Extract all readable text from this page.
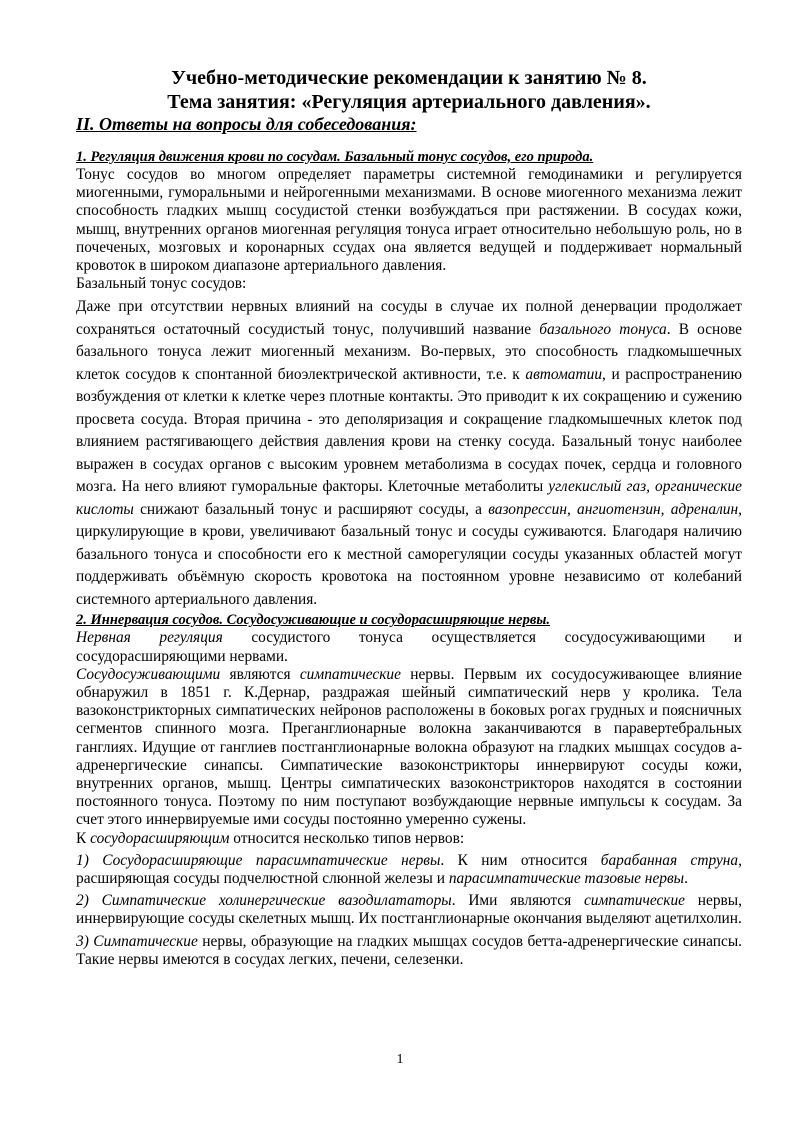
Учебно-методические рекомендации к занятию № 8.
Тема занятия: «Регуляция артериального давления».
II. Ответы на вопросы для собеседования:
1. Регуляция движения крови по сосудам. Базальный тонус сосудов, его природа.

Тонус сосудов во многом определяет параметры системной гемодинамики и регулируется миогенными, гуморальными и нейрогенными механизмами. В основе миогенного механизма лежит способность гладких мышц сосудистой стенки возбуждаться при растяжении. В сосудах кожи, мышц, внутренних органов миогенная регуляция тонуса играет относительно небольшую роль, но в почеченых, мозговых и коронарных ссудах она является ведущей и поддерживает нормальный кровоток в широком диапазоне артериального давления.

Базальный тонус сосудов:

Даже при отсутствии нервных влияний на сосуды в случае их полной денервации продолжает сохраняться остаточный сосудистый тонус, получивший название базального тонуса. В основе базального тонуса лежит миогенный механизм. Во-первых, это способность гладкомышечных клеток сосудов к спонтанной биоэлектрической активности, т.е. к автоматии, и распространению возбуждения от клетки к клетке через плотные контакты. Это приводит к их сокращению и сужению просвета сосуда. Вторая причина - это деполяризация и сокращение гладкомышечных клеток под влиянием растягивающего действия давления крови на стенку сосуда. Базальный тонус наиболее выражен в сосудах органов с высоким уровнем метаболизма в сосудах почек, сердца и головного мозга. На него влияют гуморальные факторы. Клеточные метаболиты углекислый газ, органические кислоты снижают базальный тонус и расширяют сосуды, а вазопрессин, ангиотензин, адреналин, циркулирующие в крови, увеличивают базальный тонус и сосуды суживаются. Благодаря наличию базального тонуса и способности его к местной саморегуляции сосуды указанных областей могут поддерживать объёмную скорость кровотока на постоянном уровне независимо от колебаний системного артериального давления.

2. Иннервация сосудов. Сосудосуживающие и сосудорасширяющие нервы.

Нервная регуляция сосудистого тонуса осуществляется сосудосуживающими и сосудорасширяющими нервами.

Сосудосуживающими являются симпатические нервы. Первым их сосудосуживающее влияние обнаружил в 1851 г. К.Дернар, раздражая шейный симпатический нерв у кролика. Тела вазоконстрикторных симпатических нейронов расположены в боковых рогах грудных и поясничных сегментов спинного мозга. Преганглионарные волокна заканчиваются в паравертебральных ганглиях. Идущие от ганглиев постганглионарные волокна образуют на гладких мышцах сосудов а-адренергические синапсы. Симпатические вазоконстрикторы иннервируют сосуды кожи, внутренних органов, мышц. Центры симпатических вазоконстрикторов находятся в состоянии постоянного тонуса. Поэтому по ним поступают возбуждающие нервные импульсы к сосудам. За счет этого иннервируемые ими сосуды постоянно умеренно сужены.

К сосудорасширяющим относится несколько типов нервов:

1) Сосудорасширяющие парасимпатические нервы. К ним относится барабанная струна, расширяющая сосуды подчелюстной слюнной железы и парасимпатические тазовые нервы.

2) Симпатические холинергические вазодилататоры. Ими являются симпатические нервы, иннервирующие сосуды скелетных мышц. Их постганглионарные окончания выделяют ацетилхолин.

3) Симпатические нервы, образующие на гладких мышцах сосудов бетта-адренергические синапсы. Такие нервы имеются в сосудах легких, печени, селезенки.

1
